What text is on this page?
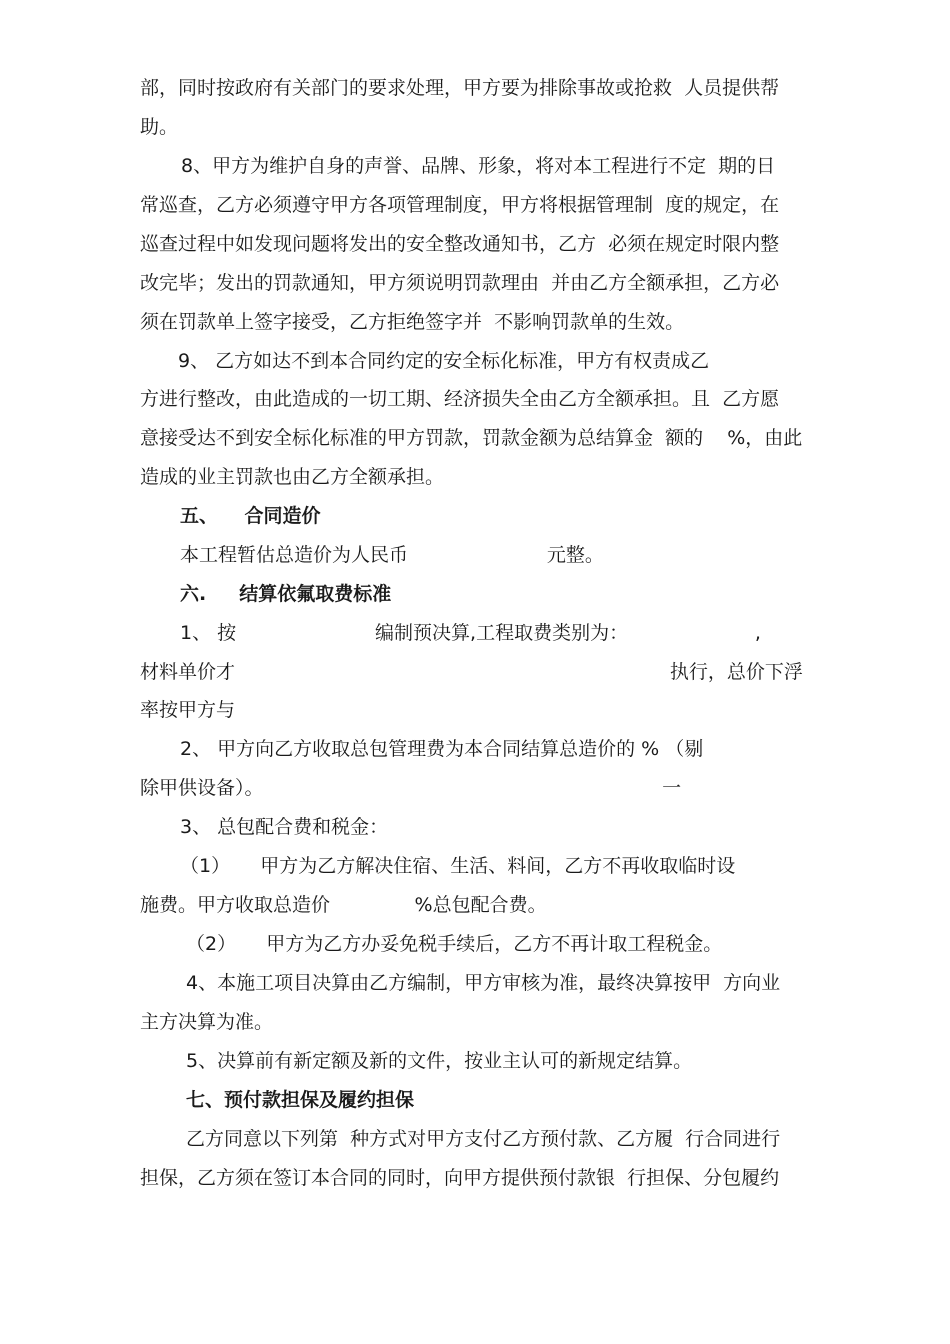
部，同时按政府有关部门的要求处理，甲方要为排除事故或抢救  人员提供帮
助。
8、甲方为维护自身的声誉、品牌、形象，将对本工程进行不定  期的日
常巡查，乙方必须遵守甲方各项管理制度，甲方将根据管理制  度的规定，在
巡查过程中如发现问题将发出的安全整改通知书，乙方  必须在规定时限内整
改完毕；发出的罚款通知，甲方须说明罚款理由  并由乙方全额承担，乙方必
须在罚款单上签字接受，乙方拒绝签字并  不影响罚款单的生效。
9、 乙方如达不到本合同约定的安全标化标准，甲方有权责成乙
方进行整改，由此造成的一切工期、经济损失全由乙方全额承担。且  乙方愿
意接受达不到安全标化标准的甲方罚款，罚款金额为总结算金  额的    %，由此
造成的业主罚款也由乙方全额承担。
五、    合同造价
本工程暂估总造价为人民币                       元整。
六.     结算依氟取费标准
1、 按                       编制预决算,工程取费类别为：                     ,
材料单价才                                                                        执行，总价下浮
率按甲方与
2、 甲方向乙方收取总包管理费为本合同结算总造价的 % （剔
除甲供设备）。                                                                  一
3、 总包配合费和税金：
（1）     甲方为乙方解决住宿、生活、料间，乙方不再收取临时设
施费。甲方收取总造价              %总包配合费。
（2）     甲方为乙方办妥免税手续后，乙方不再计取工程税金。
4、本施工项目决算由乙方编制，甲方审核为准，最终决算按甲  方向业
主方决算为准。
5、决算前有新定额及新的文件，按业主认可的新规定结算。
七、预付款担保及履约担保
乙方同意以下列第  种方式对甲方支付乙方预付款、乙方履  行合同进行
担保，乙方须在签订本合同的同时，向甲方提供预付款银  行担保、分包履约
